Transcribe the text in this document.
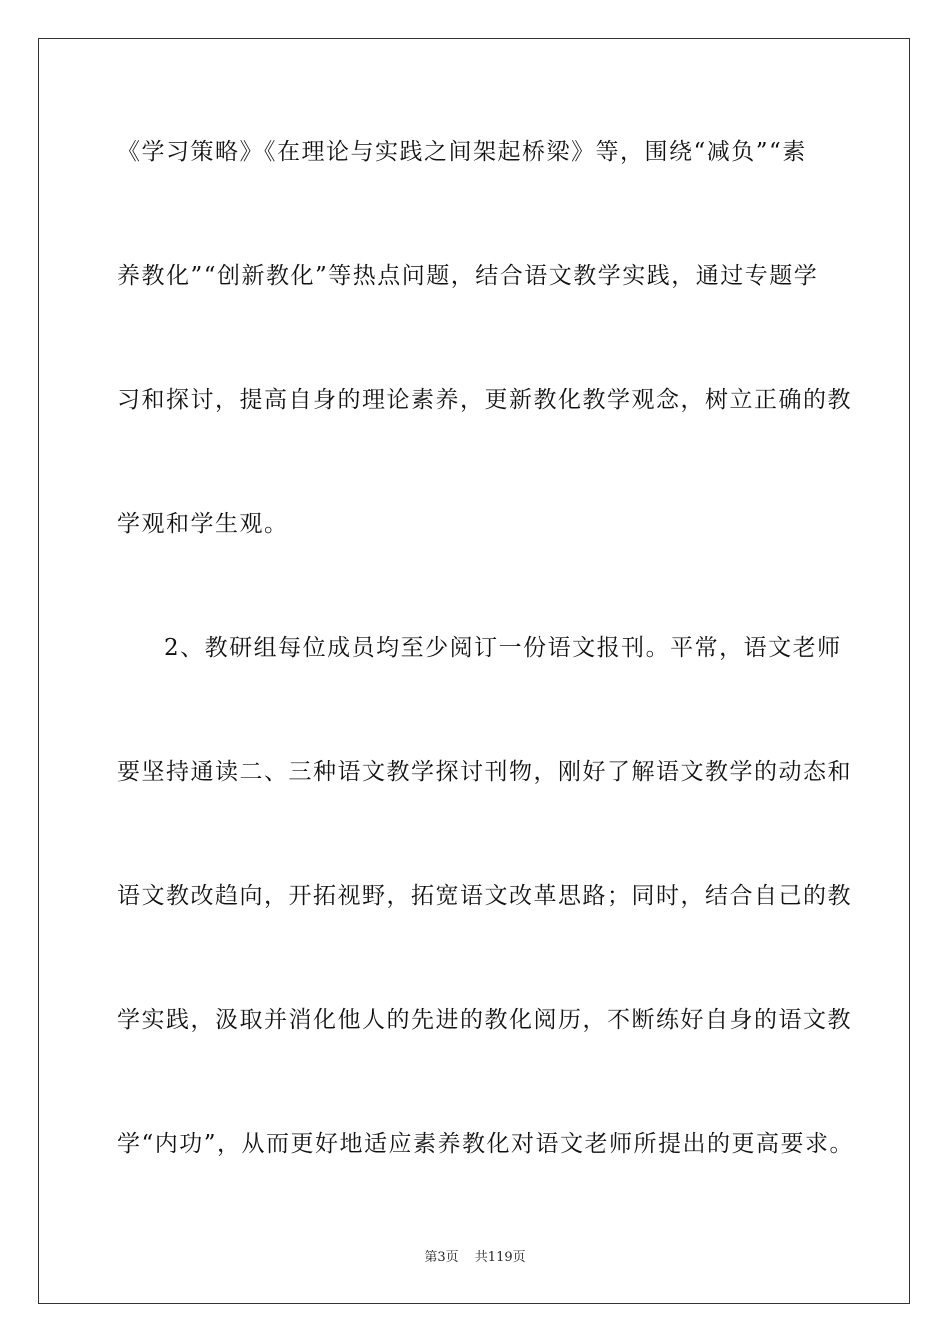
《学习策略》《在理论与实践之间架起桥梁》等，围绕“减负”“素
养教化”“创新教化”等热点问题，结合语文教学实践，通过专题学
习和探讨，提高自身的理论素养，更新教化教学观念，树立正确的教
学观和学生观。
2、教研组每位成员均至少阅订一份语文报刊。平常，语文老师
要坚持通读二、三种语文教学探讨刊物，刚好了解语文教学的动态和
语文教改趋向，开拓视野，拓宽语文改革思路；同时，结合自己的教
学实践，汲取并消化他人的先进的教化阅历，不断练好自身的语文教
学“内功”，从而更好地适应素养教化对语文老师所提出的更高要求。
第3页 共119页
